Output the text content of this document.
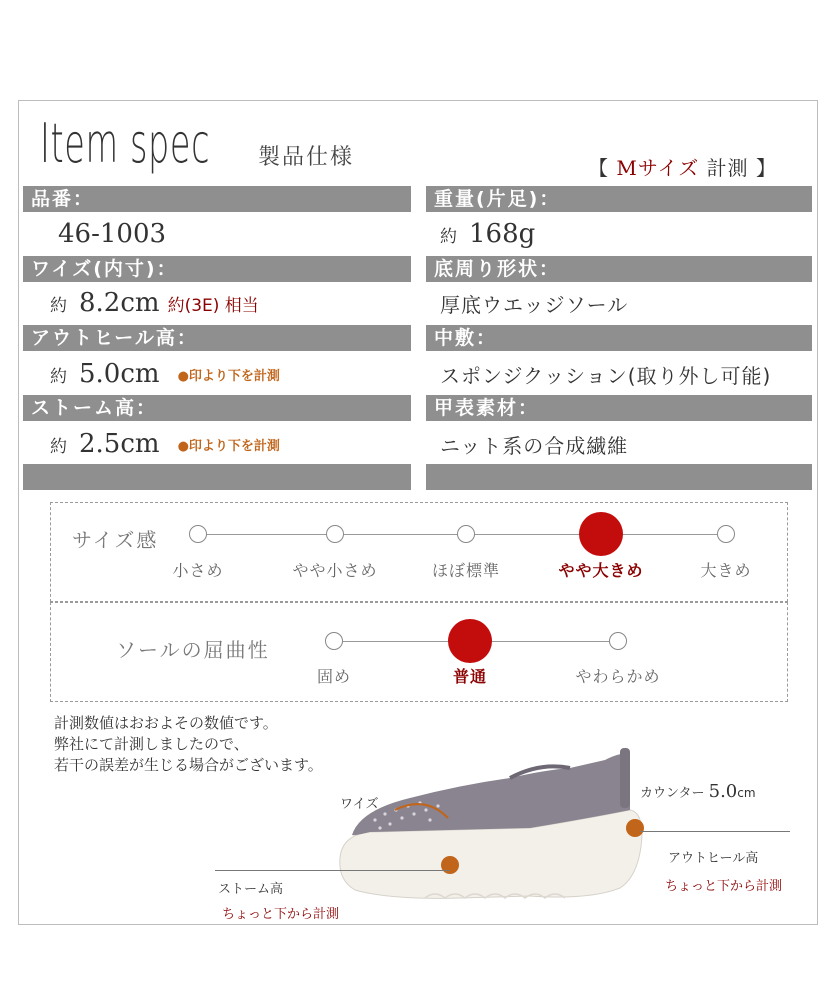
Item spec 製品仕様	【 Mサイズ 計測 】
品番：	重量(片足)：
46-1003	約 168g
ワイズ(内寸)：	底周り形状：
約 8.2cm 約(3E) 相当	厚底ウエッジソール
アウトヒール高：	中敷：
約 5.0cm ●印より下を計測	スポンジクッション(取り外し可能)
ストーム高：	甲表素材：
約 2.5cm ●印より下を計測	ニット系の合成繊維
サイズ感
小さめ	やや小さめ	ほぼ標準	やや大きめ	大きめ
ソールの屈曲性
固め	普通	やわらかめ
計測数値はおおよその数値です。
弊社にて計測しましたので、
若干の誤差が生じる場合がございます。
ワイズ
カウンター 5.0cm
アウトヒール高
ちょっと下から計測
ストーム高
ちょっと下から計測
